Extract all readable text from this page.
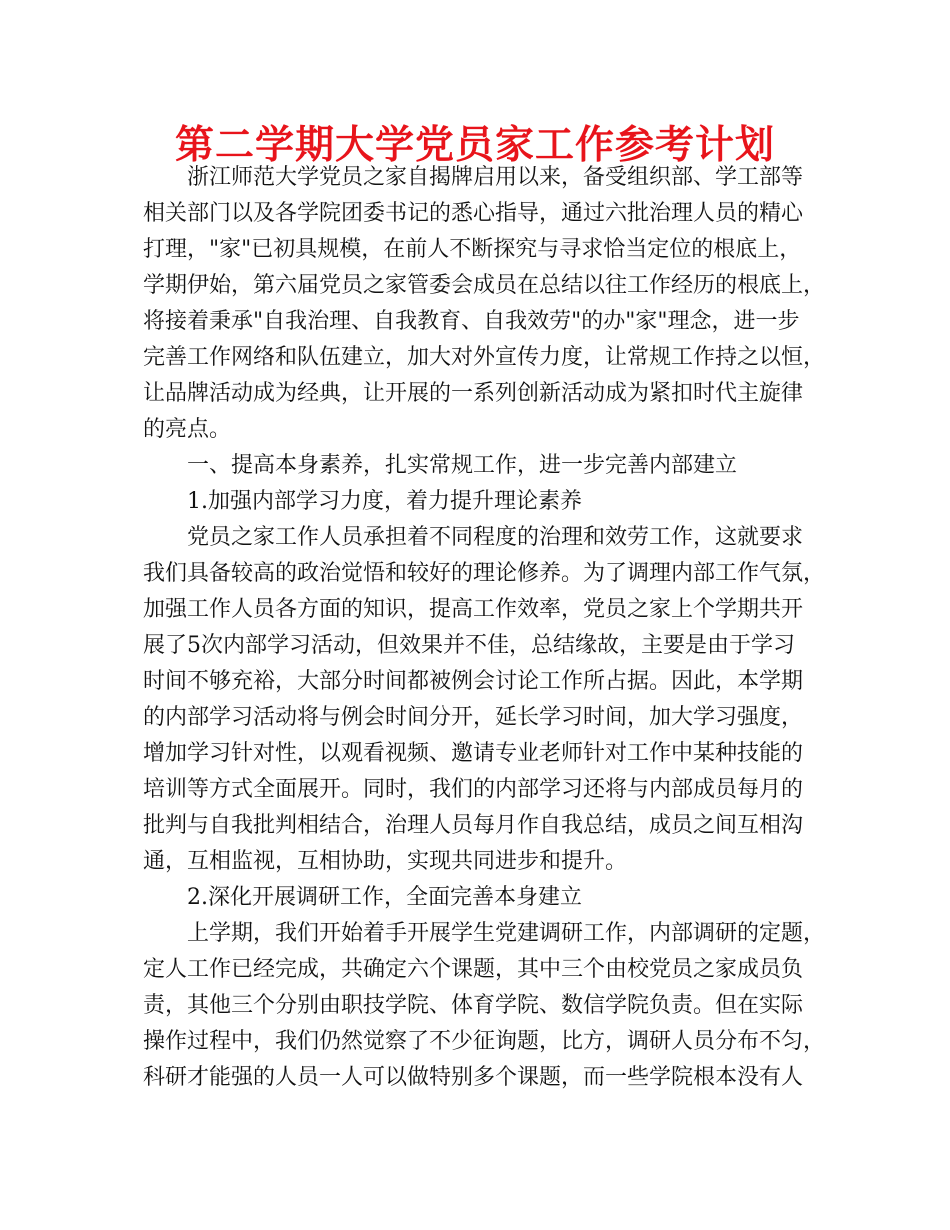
第二学期大学党员家工作参考计划
浙江师范大学党员之家自揭牌启用以来，备受组织部、学工部等
相关部门以及各学院团委书记的悉心指导，通过六批治理人员的精心
打理，"家"已初具规模，在前人不断探究与寻求恰当定位的根底上，
学期伊始，第六届党员之家管委会成员在总结以往工作经历的根底上，
将接着秉承"自我治理、自我教育、自我效劳"的办"家"理念，进一步
完善工作网络和队伍建立，加大对外宣传力度，让常规工作持之以恒，
让品牌活动成为经典，让开展的一系列创新活动成为紧扣时代主旋律
的亮点。
一、提高本身素养，扎实常规工作，进一步完善内部建立
1.加强内部学习力度，着力提升理论素养
党员之家工作人员承担着不同程度的治理和效劳工作，这就要求
我们具备较高的政治觉悟和较好的理论修养。为了调理内部工作气氛，
加强工作人员各方面的知识，提高工作效率，党员之家上个学期共开
展了5次内部学习活动，但效果并不佳，总结缘故，主要是由于学习
时间不够充裕，大部分时间都被例会讨论工作所占据。因此，本学期
的内部学习活动将与例会时间分开，延长学习时间，加大学习强度，
增加学习针对性，以观看视频、邀请专业老师针对工作中某种技能的
培训等方式全面展开。同时，我们的内部学习还将与内部成员每月的
批判与自我批判相结合，治理人员每月作自我总结，成员之间互相沟
通，互相监视，互相协助，实现共同进步和提升。
2.深化开展调研工作，全面完善本身建立
上学期，我们开始着手开展学生党建调研工作，内部调研的定题，
定人工作已经完成，共确定六个课题，其中三个由校党员之家成员负
责，其他三个分别由职技学院、体育学院、数信学院负责。但在实际
操作过程中，我们仍然觉察了不少征询题，比方，调研人员分布不匀，
科研才能强的人员一人可以做特别多个课题，而一些学院根本没有人
